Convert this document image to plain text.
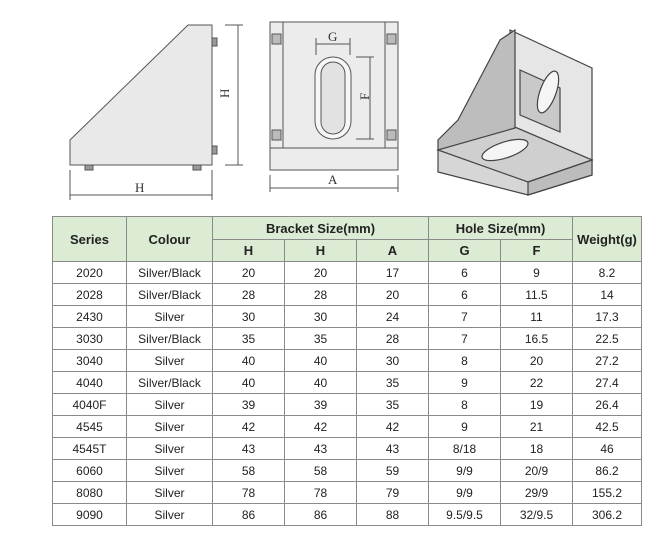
H
H
G
F
A
Series	Colour	Bracket Size(mm)			Hole Size(mm)		Weight(g)
		H	H	A	G	F	
2020	Silver/Black	20	20	17	6	9	8.2
2028	Silver/Black	28	28	20	6	11.5	14
2430	Silver	30	30	24	7	11	17.3
3030	Silver/Black	35	35	28	7	16.5	22.5
3040	Silver	40	40	30	8	20	27.2
4040	Silver/Black	40	40	35	9	22	27.4
4040F	Silver	39	39	35	8	19	26.4
4545	Silver	42	42	42	9	21	42.5
4545T	Silver	43	43	43	8/18	18	46
6060	Silver	58	58	59	9/9	20/9	86.2
8080	Silver	78	78	79	9/9	29/9	155.2
9090	Silver	86	86	88	9.5/9.5	32/9.5	306.2
